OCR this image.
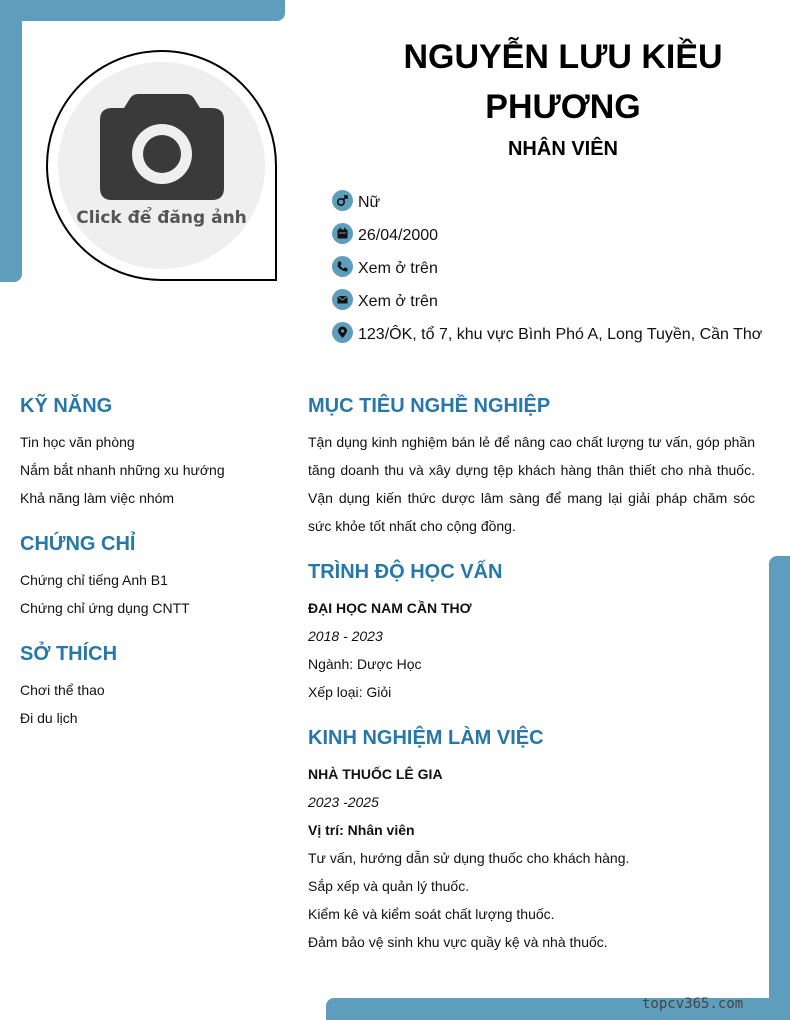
Click để đăng ảnh
NGUYỄN LƯU KIỀU
PHƯƠNG
NHÂN VIÊN
Nữ
26/04/2000
Xem ở trên
Xem ở trên
123/ÔK, tổ 7, khu vực Bình Phó A, Long Tuyền, Cần Thơ
KỸ NĂNG
Tin học văn phòng
Nắm bắt nhanh những xu hướng
Khả năng làm việc nhóm
CHỨNG CHỈ
Chứng chỉ tiếng Anh B1
Chứng chỉ ứng dụng CNTT
SỞ THÍCH
Chơi thể thao
Đi du lịch
MỤC TIÊU NGHỀ NGHIỆP
Tận dụng kinh nghiệm bán lẻ để nâng cao chất lượng tư vấn, góp phần tăng doanh thu và xây dựng tệp khách hàng thân thiết cho nhà thuốc. Vận dụng kiến thức dược lâm sàng để mang lại giải pháp chăm sóc sức khỏe tốt nhất cho cộng đồng.
TRÌNH ĐỘ HỌC VẤN
ĐẠI HỌC NAM CẦN THƠ
2018 - 2023
Ngành: Dược Học
Xếp loại: Giỏi
KINH NGHIỆM LÀM VIỆC
NHÀ THUỐC LÊ GIA
2023 -2025
Vị trí: Nhân viên
Tư vấn, hướng dẫn sử dụng thuốc cho khách hàng.
Sắp xếp và quản lý thuốc.
Kiểm kê và kiểm soát chất lượng thuốc.
Đảm bảo vệ sinh khu vực quầy kệ và nhà thuốc.
topcv365.com
